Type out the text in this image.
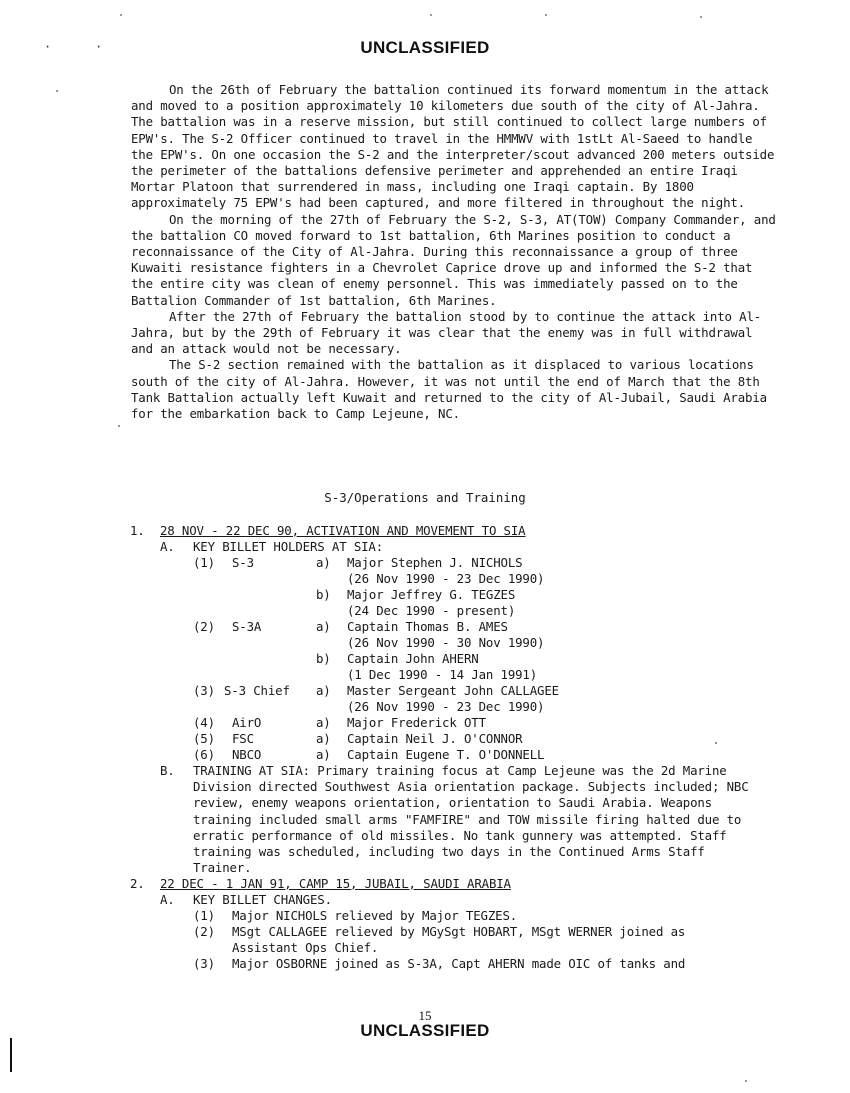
UNCLASSIFIED
·	·

On the 26th of February the battalion continued its forward momentum in the attack and moved to a position approximately 10 kilometers due south of the city of Al-Jahra. The battalion was in a reserve mission, but still continued to collect large numbers of EPW's. The S-2 Officer continued to travel in the HMMWV with 1stLt Al-Saeed to handle the EPW's. On one occasion the S-2 and the interpreter/scout advanced 200 meters outside the perimeter of the battalions defensive perimeter and apprehended an entire Iraqi Mortar Platoon that surrendered in mass, including one Iraqi captain. By 1800 approximately 75 EPW's had been captured, and more filtered in throughout the night.

On the morning of the 27th of February the S-2, S-3, AT(TOW) Company Commander, and the battalion CO moved forward to 1st battalion, 6th Marines position to conduct a reconnaissance of the City of Al-Jahra. During this reconnaissance a group of three Kuwaiti resistance fighters in a Chevrolet Caprice drove up and informed the S-2 that the entire city was clean of enemy personnel. This was immediately passed on to the Battalion Commander of 1st battalion, 6th Marines.

After the 27th of February the battalion stood by to continue the attack into Al-Jahra, but by the 29th of February it was clear that the enemy was in full withdrawal and an attack would not be necessary.

The S-2 section remained with the battalion as it displaced to various locations south of the city of Al-Jahra. However, it was not until the end of March that the 8th Tank Battalion actually left Kuwait and returned to the city of Al-Jubail, Saudi Arabia for the embarkation back to Camp Lejeune, NC.

S-3/Operations and Training
1. 28 NOV - 22 DEC 90, ACTIVATION AND MOVEMENT TO SIA
A. KEY BILLET HOLDERS AT SIA:
(1) S-3	a) Major Stephen J. NICHOLS
(26 Nov 1990 - 23 Dec 1990)
b) Major Jeffrey G. TEGZES
(24 Dec 1990 - present)
(2) S-3A	a) Captain Thomas B. AMES
(26 Nov 1990 - 30 Nov 1990)
b) Captain John AHERN
(1 Dec 1990 - 14 Jan 1991)
(3) S-3 Chief a) Master Sergeant John CALLAGEE
(26 Nov 1990 - 23 Dec 1990)
(4) AirO	a) Major Frederick OTT
(5) FSC	a) Captain Neil J. O'CONNOR
(6) NBCO	a) Captain Eugene T. O'DONNELL
B. TRAINING AT SIA: Primary training focus at Camp Lejeune was the 2d Marine Division directed Southwest Asia orientation package. Subjects included; NBC review, enemy weapons orientation, orientation to Saudi Arabia. Weapons training included small arms "FAMFIRE" and TOW missile firing halted due to erratic performance of old missiles. No tank gunnery was attempted. Staff training was scheduled, including two days in the Continued Arms Staff Trainer.
2. 22 DEC - 1 JAN 91, CAMP 15, JUBAIL, SAUDI ARABIA
A. KEY BILLET CHANGES.
(1) Major NICHOLS relieved by Major TEGZES.
(2) MSgt CALLAGEE relieved by MGySgt HOBART, MSgt WERNER joined as
Assistant Ops Chief.
(3) Major OSBORNE joined as S-3A, Capt AHERN made OIC of tanks and
15
UNCLASSIFIED
